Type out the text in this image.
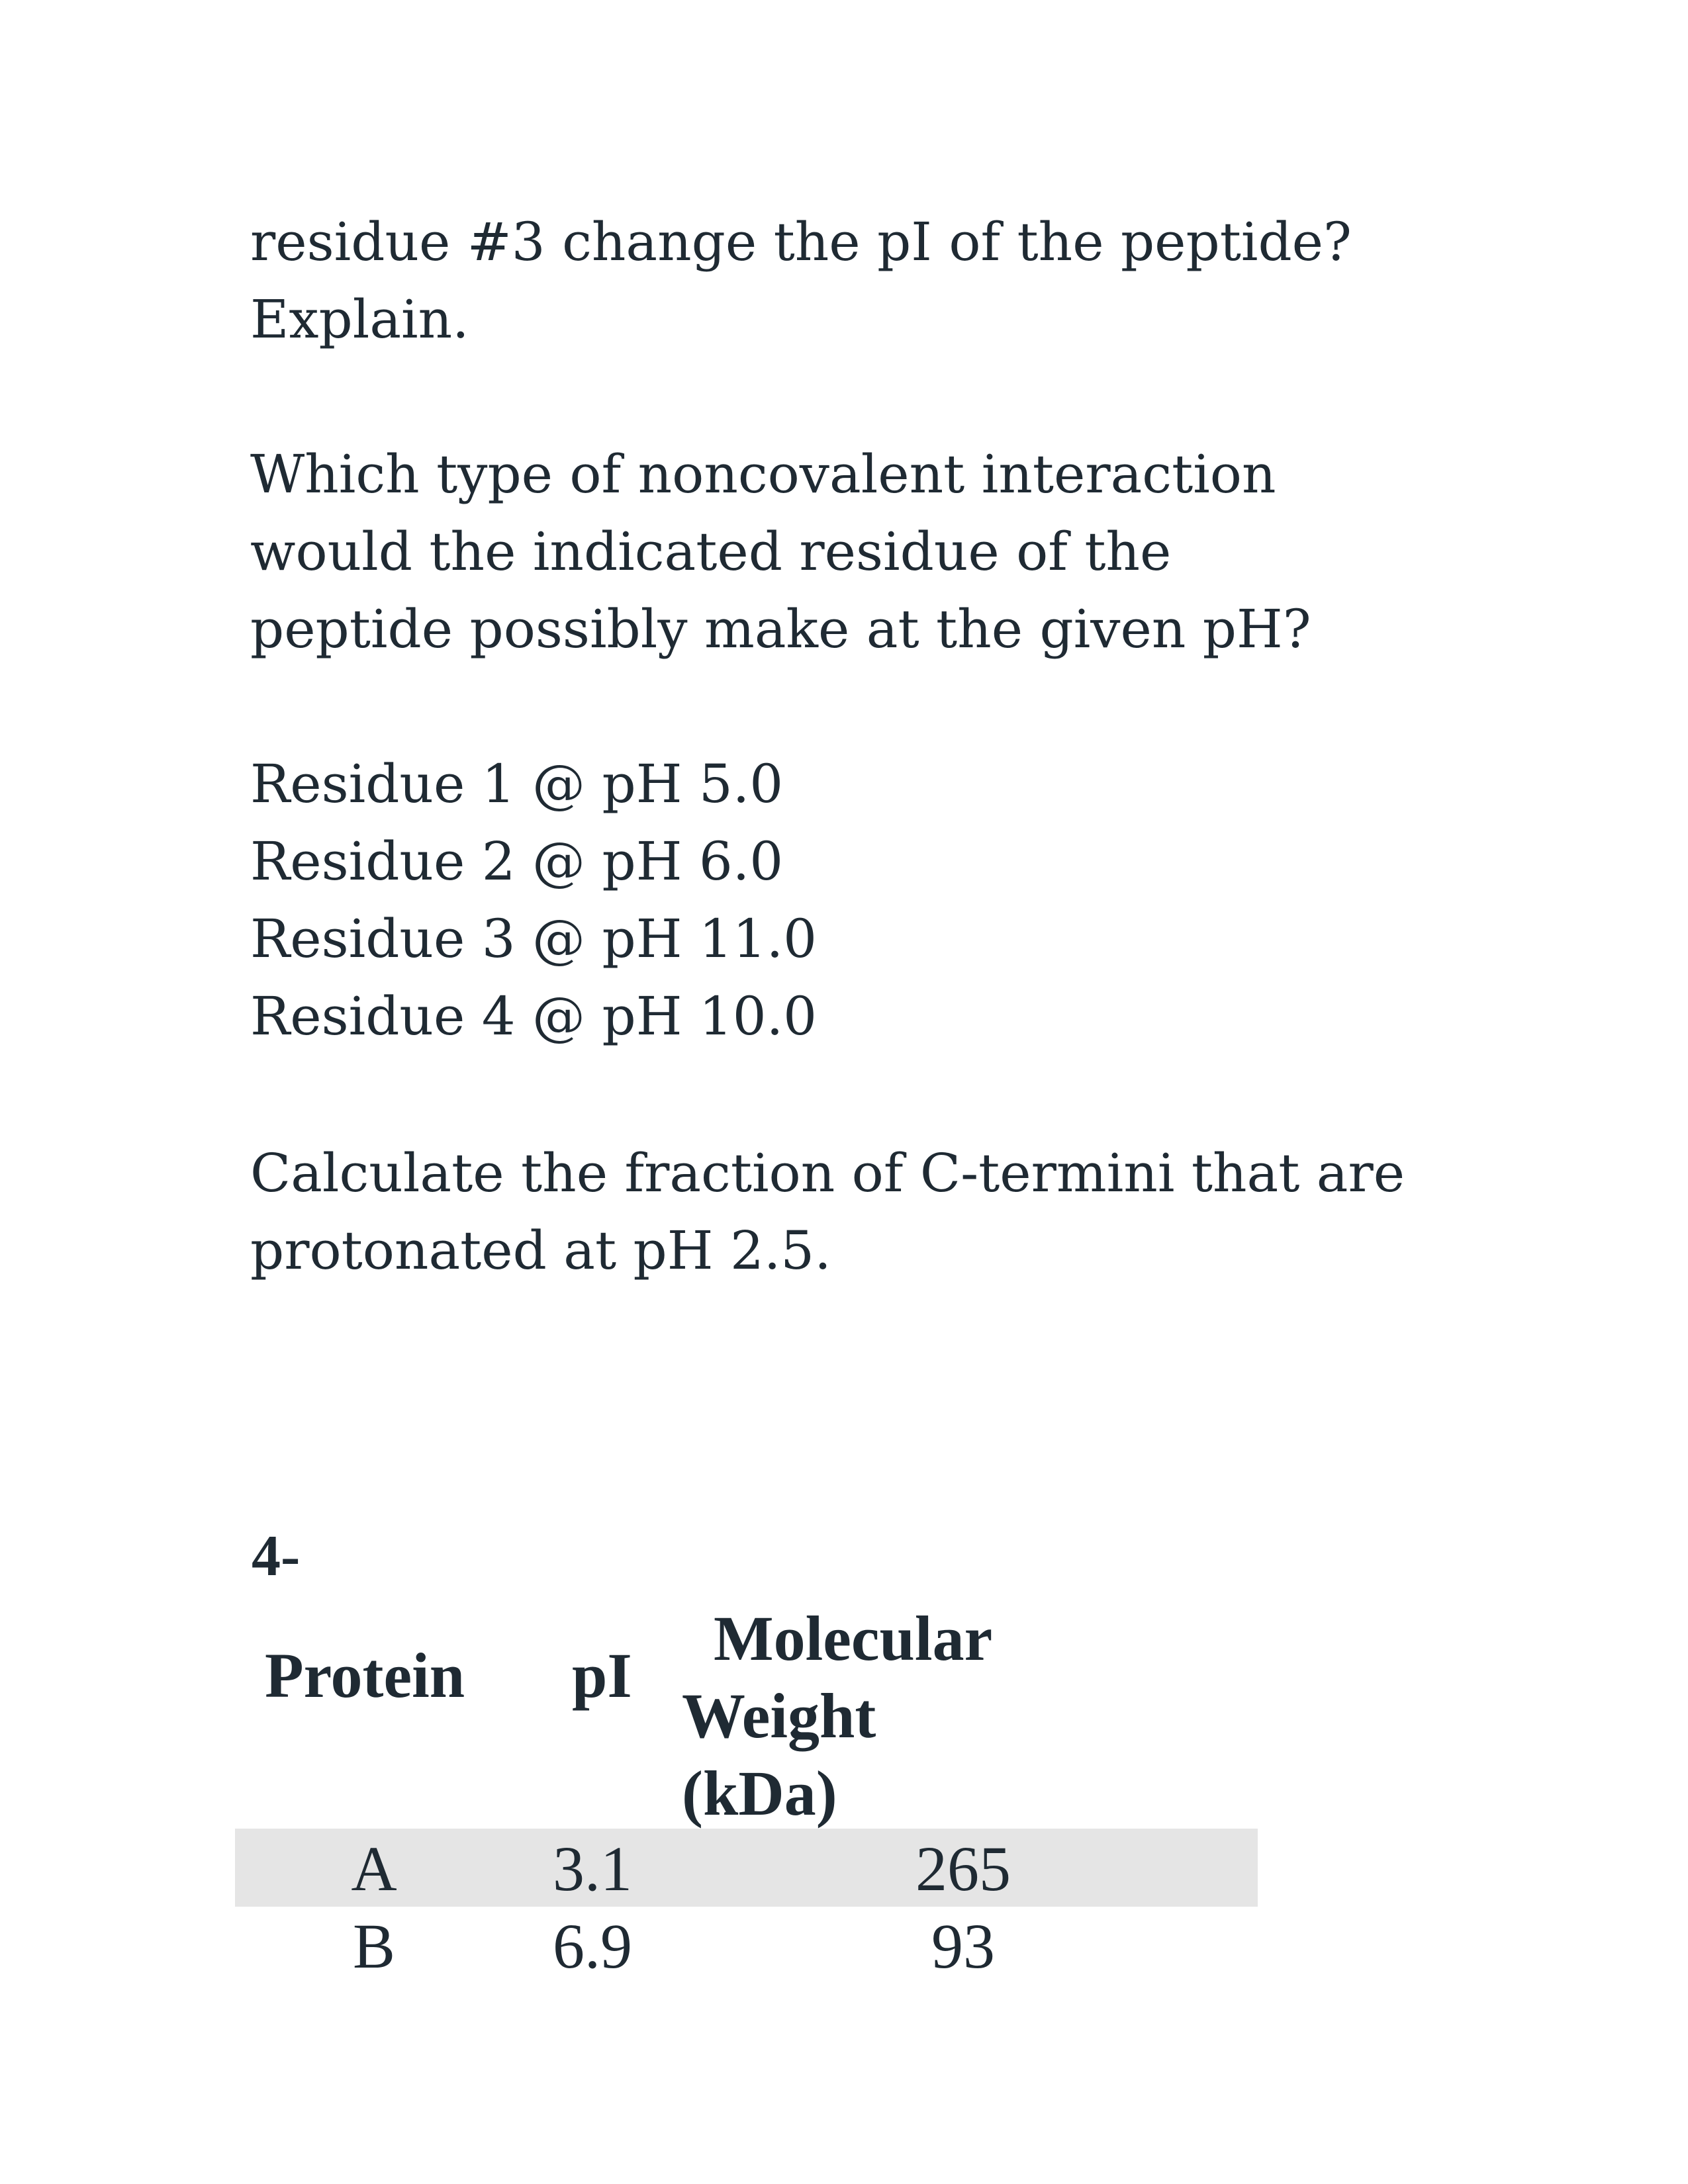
residue #3 change the pI of the peptide?
Explain.
Which type of noncovalent interaction
would the indicated residue of the
peptide possibly make at the given pH?
Residue 1 @ pH 5.0
Residue 2 @ pH 6.0
Residue 3 @ pH 11.0
Residue 4 @ pH 10.0
Calculate the fraction of C-termini that are
protonated at pH 2.5.
4-
Protein pI
Molecular
Weight
(kDa)
A	3.1	265
B	6.9	93
